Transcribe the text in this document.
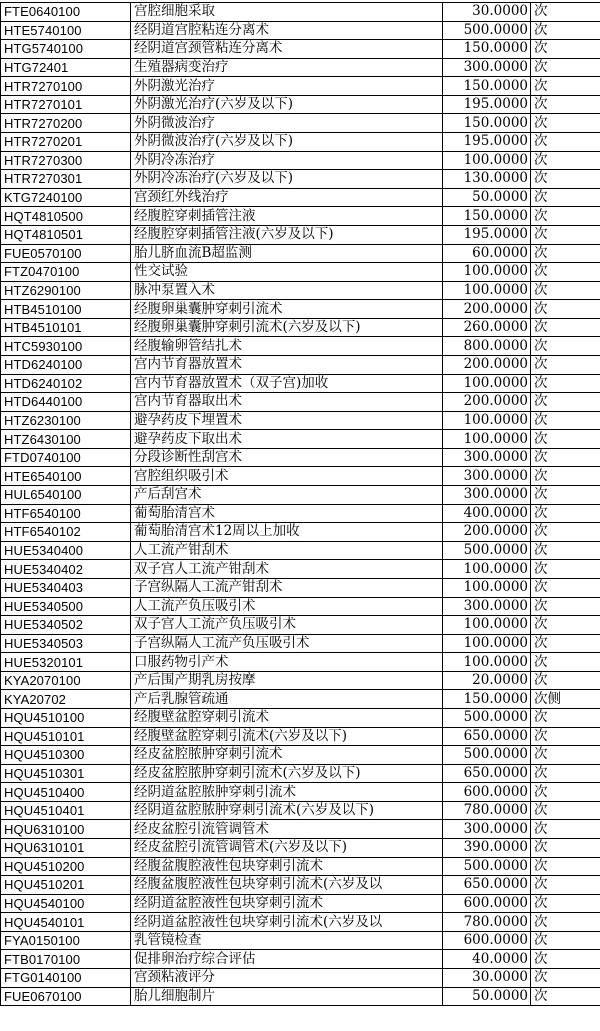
FTE0640100	宫腔细胞采取	30.0000	次
HTE5740100	经阴道宫腔粘连分离术	500.0000	次
HTG5740100	经阴道宫颈管粘连分离术	150.0000	次
HTG72401	生殖器病变治疗	300.0000	次
HTR7270100	外阴激光治疗	150.0000	次
HTR7270101	外阴激光治疗(六岁及以下)	195.0000	次
HTR7270200	外阴微波治疗	150.0000	次
HTR7270201	外阴微波治疗(六岁及以下)	195.0000	次
HTR7270300	外阴冷冻治疗	100.0000	次
HTR7270301	外阴冷冻治疗(六岁及以下)	130.0000	次
KTG7240100	宫颈红外线治疗	50.0000	次
HQT4810500	经腹腔穿刺插管注液	150.0000	次
HQT4810501	经腹腔穿刺插管注液(六岁及以下)	195.0000	次
FUE0570100	胎儿脐血流B超监测	60.0000	次
FTZ0470100	性交试验	100.0000	次
HTZ6290100	脉冲泵置入术	100.0000	次
HTB4510100	经腹卵巢囊肿穿刺引流术	200.0000	次
HTB4510101	经腹卵巢囊肿穿刺引流术(六岁及以下)	260.0000	次
HTC5930100	经腹输卵管结扎术	800.0000	次
HTD6240100	宫内节育器放置术	200.0000	次
HTD6240102	宫内节育器放置术（双子宫)加收	100.0000	次
HTD6440100	宫内节育器取出术	200.0000	次
HTZ6230100	避孕药皮下埋置术	100.0000	次
HTZ6430100	避孕药皮下取出术	100.0000	次
FTD0740100	分段诊断性刮宫术	300.0000	次
HTE6540100	宫腔组织吸引术	300.0000	次
HUL6540100	产后刮宫术	300.0000	次
HTF6540100	葡萄胎清宫术	400.0000	次
HTF6540102	葡萄胎清宫术12周以上加收	200.0000	次
HUE5340400	人工流产钳刮术	500.0000	次
HUE5340402	双子宫人工流产钳刮术	100.0000	次
HUE5340403	子宫纵隔人工流产钳刮术	100.0000	次
HUE5340500	人工流产负压吸引术	300.0000	次
HUE5340502	双子宫人工流产负压吸引术	100.0000	次
HUE5340503	子宫纵隔人工流产负压吸引术	100.0000	次
HUE5320101	口服药物引产术	100.0000	次
KYA2070100	产后围产期乳房按摩	20.0000	次
KYA20702	产后乳腺管疏通	150.0000	次侧
HQU4510100	经腹壁盆腔穿刺引流术	500.0000	次
HQU4510101	经腹壁盆腔穿刺引流术(六岁及以下)	650.0000	次
HQU4510300	经皮盆腔脓肿穿刺引流术	500.0000	次
HQU4510301	经皮盆腔脓肿穿刺引流术(六岁及以下)	650.0000	次
HQU4510400	经阴道盆腔脓肿穿刺引流术	600.0000	次
HQU4510401	经阴道盆腔脓肿穿刺引流术(六岁及以下)	780.0000	次
HQU6310100	经皮盆腔引流管调管术	300.0000	次
HQU6310101	经皮盆腔引流管调管术(六岁及以下)	390.0000	次
HQU4510200	经腹盆腹腔液性包块穿刺引流术	500.0000	次
HQU4510201	经腹盆腹腔液性包块穿刺引流术(六岁及以	650.0000	次
HQU4540100	经阴道盆腔液性包块穿刺引流术	600.0000	次
HQU4540101	经阴道盆腔液性包块穿刺引流术(六岁及以	780.0000	次
FYA0150100	乳管镜检查	600.0000	次
FTB0170100	促排卵治疗综合评估	40.0000	次
FTG0140100	宫颈粘液评分	30.0000	次
FUE0670100	胎儿细胞制片	50.0000	次
